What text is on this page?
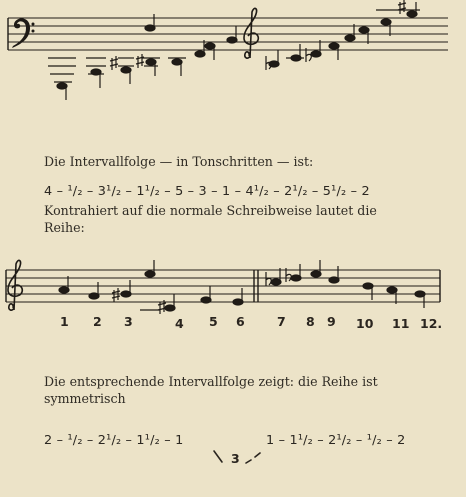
Die Intervallfolge — in Tonschritten — ist:
4 – ¹/₂ – 3¹/₂ – 1¹/₂ – 5 – 3 – 1 – 4¹/₂ – 2¹/₂ – 5¹/₂ – 2
Kontrahiert auf die normale Schreibweise lautet die
Reihe:
1 2 3	4 5 6	7 8 9 10 11 12.
Die entsprechende Intervallfolge zeigt: die Reihe ist
symmetrisch
2 – ¹/₂ – 2¹/₂ – 1¹/₂ – 1	1 – 1¹/₂ – 2¹/₂ – ¹/₂ – 2
3
